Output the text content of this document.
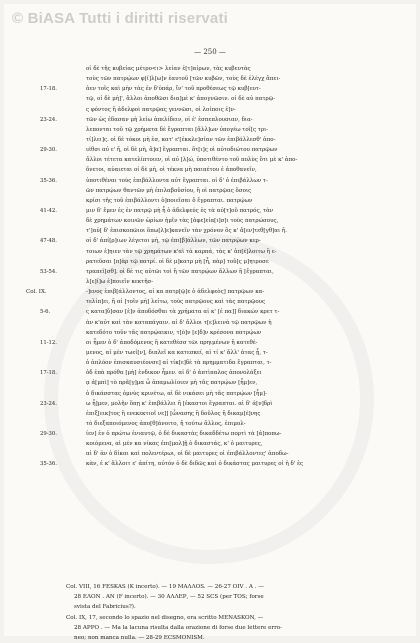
© BiASA Tutti i diritti riservati
— 250 —
οἱ δὲ τῆς κυβείας μέτρο<ι> λείαν ἐ[τ]αίρων, τὰς κυβευτὰς
τοὺς τῶν πατρῴων φ[ί]λ[ω]ν ἑαυτοῦ [τῶν κυβῶν, τοὺς δὲ ἐλέγχ ἄπει-
17-18.	ἀεν τοῖς καὶ μὴν τὰς ἐν δ'ὑπάρ, ἵν' τοῦ προθέσεως τῷ κυβ[ευτ-
τῷ, οἱ δὲ μὴ]', ἄλλοι ἀποθῶσι δια]μὲ κ' ἀπογνῶσιν. οἱ δὲ αὐ πατρῷ-
ς φόντος ἢ ἀδελφοὶ πατρῷας γεννῶσι, οἱ λοίποις ἐ]ν-
23-24.	τῶν ὡς ἐδασαν μὴ λείω ἀπελίδειν, οἱ ἐ' ἐσπεπλουσιαν, δια-
λεπονται τοῦ τῷ χρήματα δὲ ἔγραπται [ἄλλ]ων ὑπογέω τοῖ[ς τρι-
τί]λει]ς. οἱ δὲ τόκοι μὴ ἐσ, κατ' ε'[ἐκκλε]σίαν τῶν ἐπιβάλλεσθ' ἀπο-
29-30.	ιέθσι αὐ ε' ἤ, οἱ δὲ μὴ, ἄ]α] ἔγραπται. ὅτ[ι]ς οἱ αὐτοδιώτου πατρῷων
ἄλλοι τέτετα κατελίπτοιεν, οἱ αὐ [λ]ώ, ὑποτιθέντο τοῦ πολὺς ὅτι μὲ κ' ἀπο-
ὅνετοι, αὐαιεται οἱ δὲ μὴ, οἱ τέκνα μὴ παιπέτου ἐ ἀποθανεῖν,
35-36.	ὑποτιθέναι τοὺς ἐπιβάλλοντα αὐτ ἔγραπται. οἱ δ' ὁ ἐπιβάλλων τ-
ῶν πατρῴων θαντῶν μὴ ἐπιλαβοῦσίου, ἢ οἱ πατρῷας ὅσοις
κρίσι τῆς τοῦ ἐπιβάλλοντι ὁ]ποιεῖσαι ὅ ἔγραπται. πατρῴων
41-42.	μιν δ' ἔμεν ἐς ἐν πατρῷ μὴ ἦ ὁ ἀδελφεύς ἐς τὰ αὐ[τ]οῦ πατρός, τὰν
δὲ χρημάτων κοινῶν ὡρίων ἡμῖν τὰς [ἀφε]εία[ι]σ]ι τοὺς πατρώσους,
τ']αὐ[ δ' ἐπισκοπῶιοι ὅπω[λ]ε]κανεῖν τὰν χρόνον ὃς κ' ἄ[εν]τεθ[γθ]αι ἤ.
47-48.	οἱ δ' ἀπί[ρ]ιων λέγετοι μὴ, τῷ ἐπι[β]άλλων, τῶν πατρῴων κερ-
τοιων ἐ]ηιεν τὰν τῷ χρημάτων κ'αὶ τὰ καρπά, τὰς κ' ἀπ[έ]λοιτω ἢ ε-
ρατεῦσαι [π]ὰρ τῷ πατρί. οἱ δὲ μ]κατρ μὴ [ἦ, πὰρ] τοῦ[ς μ]ητροσε
53-54.	τραπεῖ[σθ]. οἱ δὲ τις αὐτῶι τοὶ ἢ τῶν πατρῴων ἄλλων ἢ [ἔγραπται,
λ[ε]ί]ω ἐ]ποιεῖν κεκτῆσ-
Col. IX.	-]ενος ἐπιβ[άλλοντος, αἱ κα πατρ[ῷ]ε ὁ ἀδελφεὸς] πατρῷων κα-
τελίπ]ει, ἤ αἰ [τοῖν μὴ] λείτω, τοὺς πατρῷους καὶ τὰς πατρῷους
5-6.	ς κατα]ὔ]σαν [ἐ]ν ἀποδόσθαι τὰ χρήματα αἰ κ' [ἐ πα]] διακών κρετ τ-
ὰν κ'αὐτ καὶ τὰν καταπάγαιν. αἰ δ' ἄλλοι τ[ε]λεινὰ τῷ πατρῷων ἡ
κατεδότο τοῦν τᾶς πατρῴαικιν, τ[ὸ]ν [ε]δ]ν κρέσονα πατρῴων
11-12.	οι ἦμεν ὁ δ' ἀποδόμενος ἢ κατεθέσσ τῶι πρηιμένων ἤ κατεθέ-
μενος, αἰ μὲν τωεί[ν], διπλεῖ κα κατεσκεί, αἰ τί κ' ἄλλ' ἀτας ᾖ, τ-
ὁ ἀπλόον ἐπισκαυσιέονσε] αἰ τίκ[ε]δὲ τὰ πρημματιδα ἔγραπται, τ-
17-18.	ὁδ ἐπὰ πρόθα [μὴ] ἐνδικον ἦμεν. αἰ δ' ὁ ἀπτὶπαλος ἀπονολάξει
ᾳ ἀ[μπὶ] τὸ πρᾶ[γ]μα ὦ ἀπαμωλίοιεν μὴ τᾶς πατρῴων [ἦμ]εν,
ὁ δικάσστας ὀμνὺς κρινέτω, αἰ δὲ νικάσει μὴ τᾶς πατρῴων [ἦμ]-
23-24.	ω ἦ]μεν, μολῆν ὅπῃ κ' ἐπιβάλλει ἤ [ἑκαστοι ἔγραπται. αἰ δ' ἀ[ν]δρὶ
ἐπιξ[εικ]τος ἢ ενεκεκτιοῖ νε]] [ὧνασης ἢ δοῦλος ἢ δικαμ[έ]νης
τὸ διεξαποιόμενος ἀπο[θ]άνοιτο, ἤ τούτω ἄλλος, ἐπιμολ-
29-30.	ίεν] ἐν ὁ πρώτω ἐνιαυτῷ, ὁ δὲ δικαστὰς δικαδδέτω πορτὶ τὰ [ἀ]ποπω-
κοιόμενα, αἰ μέν κα νίκας ἐπι[μολ]ῇ ὁ δικαστάς, κ' ὁ μαιτυρες,
αἰ δ' ἀν ὁ δίκαι καὶ πολεντέρωι, οἱ δὲ μαιτυρες οἱ ἐπιβάλλοντες' ἀποδω-
35-36.	κὰν, ἐ κ' ἄλλοιτ ε' ἀπίτη, αὐτόν ὁ δὲ διδῶς καὶ ὁ δικάστας μαιτυρες οἱ ἡ δ' ἐς
Col. VIII, 16 FESKAS (K incerto). — 19 MAΛΛOS. — 26-27 OIV . A . —
28 ΕΛΟΝ . AN (F incerto). — 30 AΛΛΕΡ, — 52 SCS (per TOS; forse
svista del Fabricius?).
Col. IX, 17, secondo lo spazio nel disegno, era scritto MENASKON, —
28 APPO . — Ma la lacuna risulta dalla orazione di forse due lettere erro-
neo; non manca nulla. — 28-29 ECSMONISM.
